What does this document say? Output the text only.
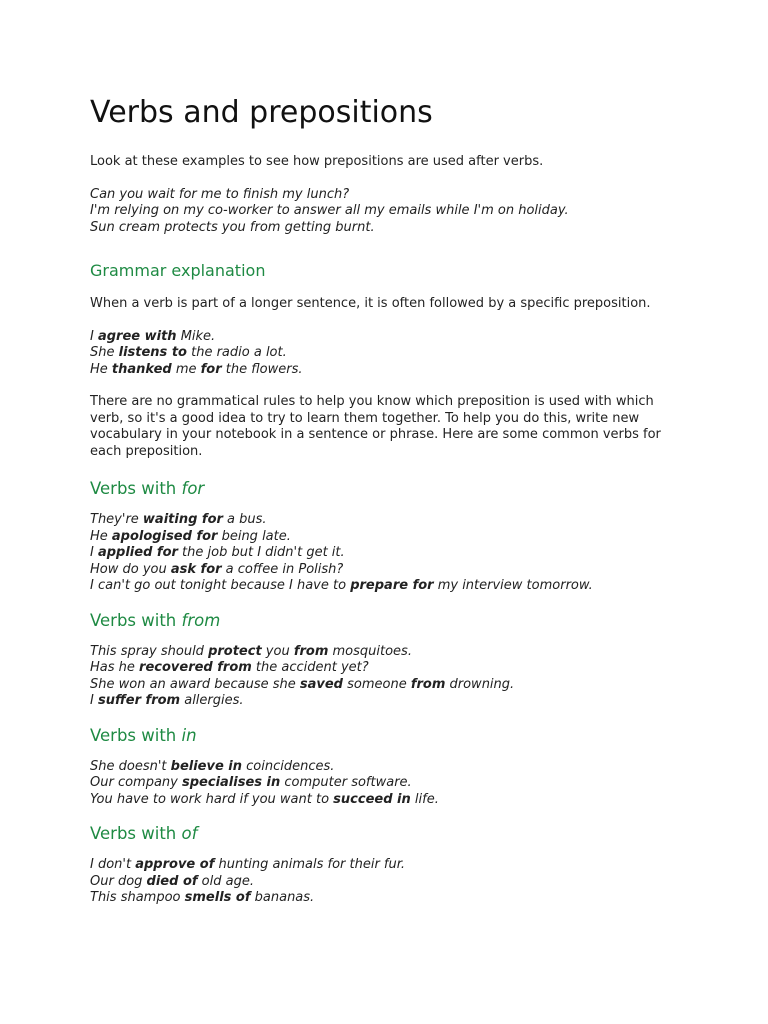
Verbs and prepositions

Look at these examples to see how prepositions are used after verbs.

Can you wait for me to finish my lunch?
I'm relying on my co-worker to answer all my emails while I'm on holiday.
Sun cream protects you from getting burnt.

Grammar explanation

When a verb is part of a longer sentence, it is often followed by a specific preposition.

I agree with Mike.
She listens to the radio a lot.
He thanked me for the flowers.

There are no grammatical rules to help you know which preposition is used with which
verb, so it's a good idea to try to learn them together. To help you do this, write new
vocabulary in your notebook in a sentence or phrase. Here are some common verbs for
each preposition.

Verbs with for

They're waiting for a bus.
He apologised for being late.
I applied for the job but I didn't get it.
How do you ask for a coffee in Polish?
I can't go out tonight because I have to prepare for my interview tomorrow.

Verbs with from

This spray should protect you from mosquitoes.
Has he recovered from the accident yet?
She won an award because she saved someone from drowning.
I suffer from allergies.

Verbs with in

She doesn't believe in coincidences.
Our company specialises in computer software.
You have to work hard if you want to succeed in life.

Verbs with of

I don't approve of hunting animals for their fur.
Our dog died of old age.
This shampoo smells of bananas.
